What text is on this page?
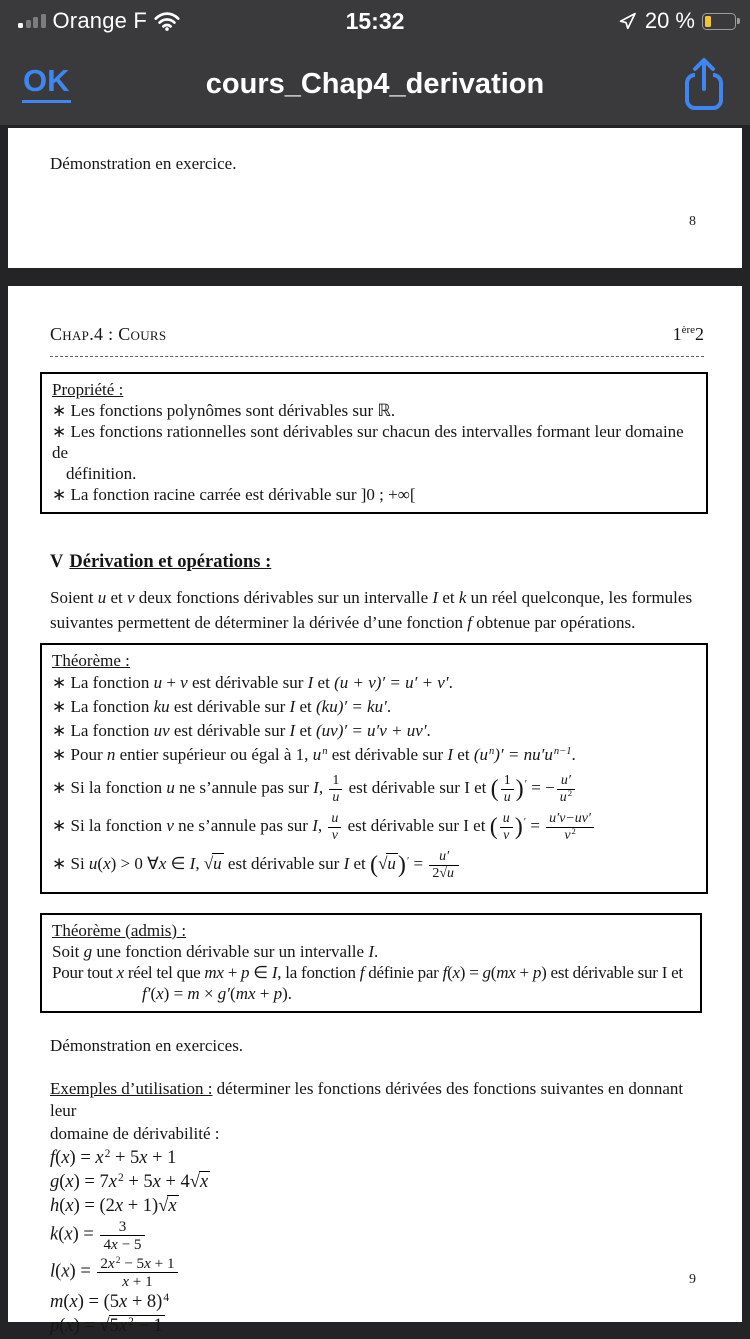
Orange F	15:32	20 %
OK	cours_Chap4_derivation

Démonstration en exercice.

8
Chap.4 : Cours	1ère2
Propriété :
∗ Les fonctions polynômes sont dérivables sur ℝ.
∗ Les fonctions rationnelles sont dérivables sur chacun des intervalles formant leur domaine de
définition.
∗ La fonction racine carrée est dérivable sur ]0 ; +∞[
V Dérivation et opérations :
Soient u et v deux fonctions dérivables sur un intervalle I et k un réel quelconque, les formules
suivantes permettent de déterminer la dérivée d’une fonction f obtenue par opérations.
Théorème :
∗ La fonction u + v est dérivable sur I et (u + v)′ = u′ + v′.
∗ La fonction ku est dérivable sur I et (ku)′ = ku′.
∗ La fonction uv est dérivable sur I et (uv)′ = u′v + uv′.
∗ Pour n entier supérieur ou égal à 1, $u^n$ est dérivable sur I et $(u^n)' = nu'u^{n-1}$.
∗ Si la fonction u ne s’annule pas sur I, $\frac{1}{u}$ est dérivable sur I et ( $\frac{1}{u} )'$ = − $\frac{u'}{u^2}$
∗ Si la fonction v ne s’annule pas sur I, $\frac{u}{v}$ est dérivable sur I et ( $\frac{u}{v} )' = \frac{u'v-uv'}{v^2}$
∗ Si u(x) > 0 ∀x ∈ I, √u est dérivable sur I et $(√u)' = \frac{u'}{2√u}$
Théorème (admis) :
Soit g une fonction dérivable sur un intervalle I.
Pour tout x réel tel que mx + p ∈ I, la fonction f définie par f(x) = g(mx + p) est dérivable sur I et
f′(x) = m × g′(mx + p).
Démonstration en exercices.
Exemples d’utilisation : déterminer les fonctions dérivées des fonctions suivantes en donnant leur
domaine de dérivabilité :
$f(x) = x^2 + 5x + 1$
$g(x) = 7x^2 + 5x + 4√x$
h(x) = (2x + 1)√x
$k(x) = \frac{3}{4x - 5}$
$l(x) = \frac{2x^2 - 5x + 1}{x + 1}$
$m(x) = (5x + 8)^4$
$p(x) = √5x^2 - 1$
9
